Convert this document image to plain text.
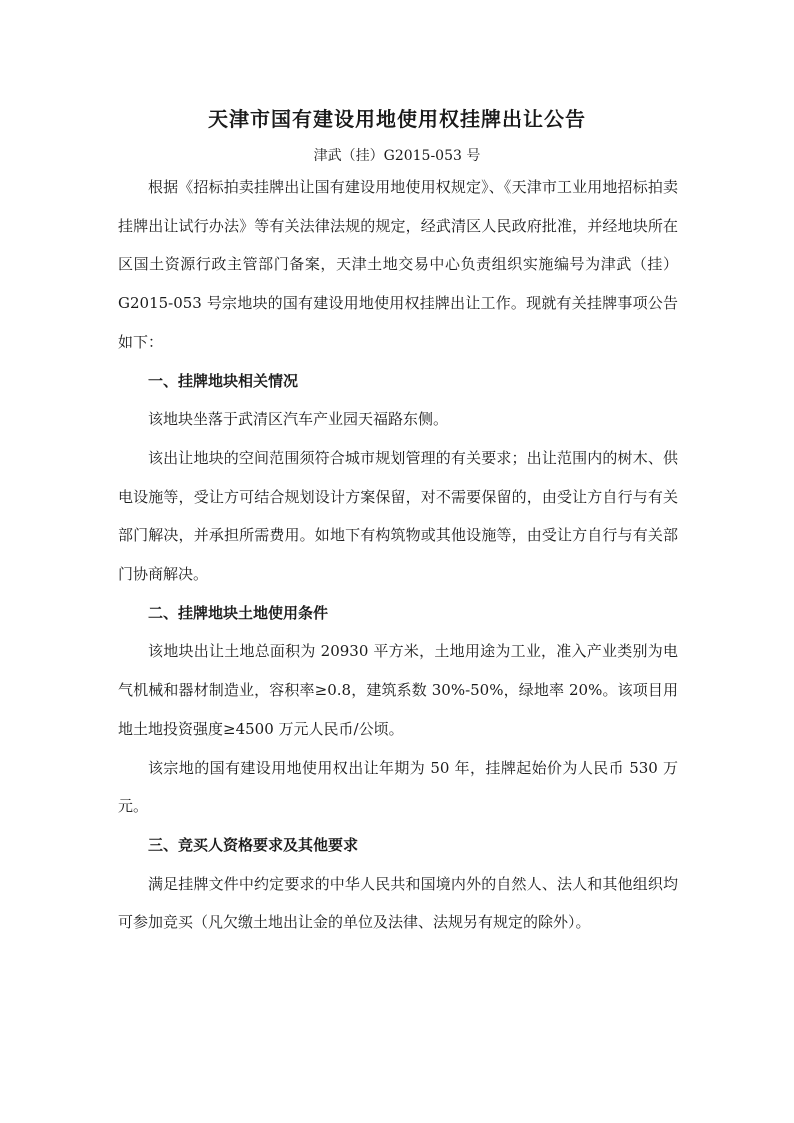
天津市国有建设用地使用权挂牌出让公告
津武（挂）G2015-053 号

根据《招标拍卖挂牌出让国有建设用地使用权规定》、《天津市工业用地招标拍卖挂牌出让试行办法》等有关法律法规的规定，经武清区人民政府批准，并经地块所在区国土资源行政主管部门备案，天津土地交易中心负责组织实施编号为津武（挂）G2015-053 号宗地块的国有建设用地使用权挂牌出让工作。现就有关挂牌事项公告如下：

一、挂牌地块相关情况

该地块坐落于武清区汽车产业园天福路东侧。

该出让地块的空间范围须符合城市规划管理的有关要求；出让范围内的树木、供电设施等，受让方可结合规划设计方案保留，对不需要保留的，由受让方自行与有关部门解决，并承担所需费用。如地下有构筑物或其他设施等，由受让方自行与有关部门协商解决。

二、挂牌地块土地使用条件

该地块出让土地总面积为 20930 平方米，土地用途为工业，准入产业类别为电气机械和器材制造业，容积率≥0.8，建筑系数 30%-50%，绿地率 20%。该项目用地土地投资强度≥4500 万元人民币/公顷。

该宗地的国有建设用地使用权出让年期为 50 年，挂牌起始价为人民币 530 万元。

三、竞买人资格要求及其他要求

满足挂牌文件中约定要求的中华人民共和国境内外的自然人、法人和其他组织均可参加竞买（凡欠缴土地出让金的单位及法律、法规另有规定的除外）。
